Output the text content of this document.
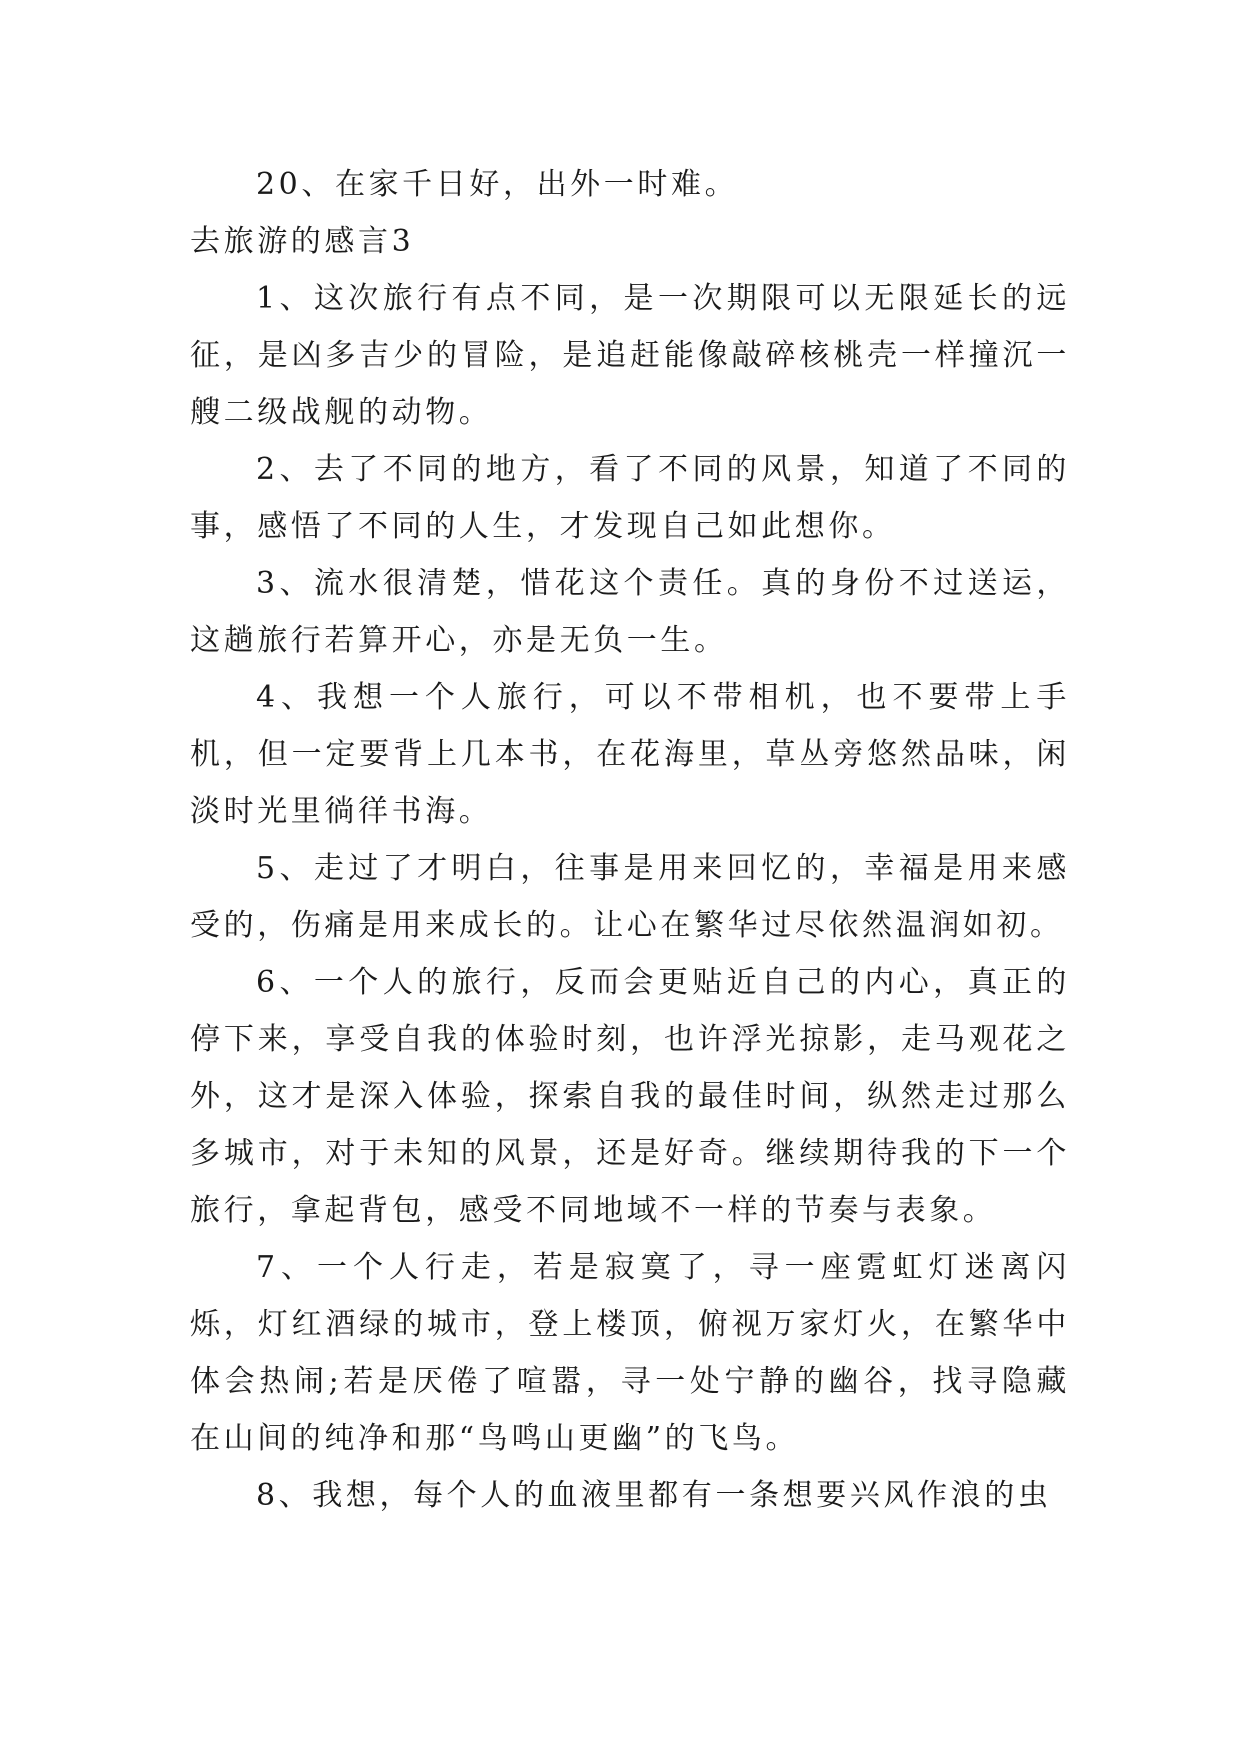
20、在家千日好，出外一时难。

去旅游的感言3

1、这次旅行有点不同，是一次期限可以无限延长的远征，是凶多吉少的冒险，是追赶能像敲碎核桃壳一样撞沉一艘二级战舰的动物。

2、去了不同的地方，看了不同的风景，知道了不同的事，感悟了不同的人生，才发现自己如此想你。

3、流水很清楚，惜花这个责任。真的身份不过送运，这趟旅行若算开心，亦是无负一生。

4、我想一个人旅行，可以不带相机，也不要带上手机，但一定要背上几本书，在花海里，草丛旁悠然品味，闲淡时光里徜徉书海。

5、走过了才明白，往事是用来回忆的，幸福是用来感受的，伤痛是用来成长的。让心在繁华过尽依然温润如初。

6、一个人的旅行，反而会更贴近自己的内心，真正的停下来，享受自我的体验时刻，也许浮光掠影，走马观花之外，这才是深入体验，探索自我的最佳时间，纵然走过那么多城市，对于未知的风景，还是好奇。继续期待我的下一个旅行，拿起背包，感受不同地域不一样的节奏与表象。

7、一个人行走，若是寂寞了，寻一座霓虹灯迷离闪烁，灯红酒绿的城市，登上楼顶，俯视万家灯火，在繁华中体会热闹;若是厌倦了喧嚣，寻一处宁静的幽谷，找寻隐藏在山间的纯净和那“鸟鸣山更幽”的飞鸟。

8、我想，每个人的血液里都有一条想要兴风作浪的虫
